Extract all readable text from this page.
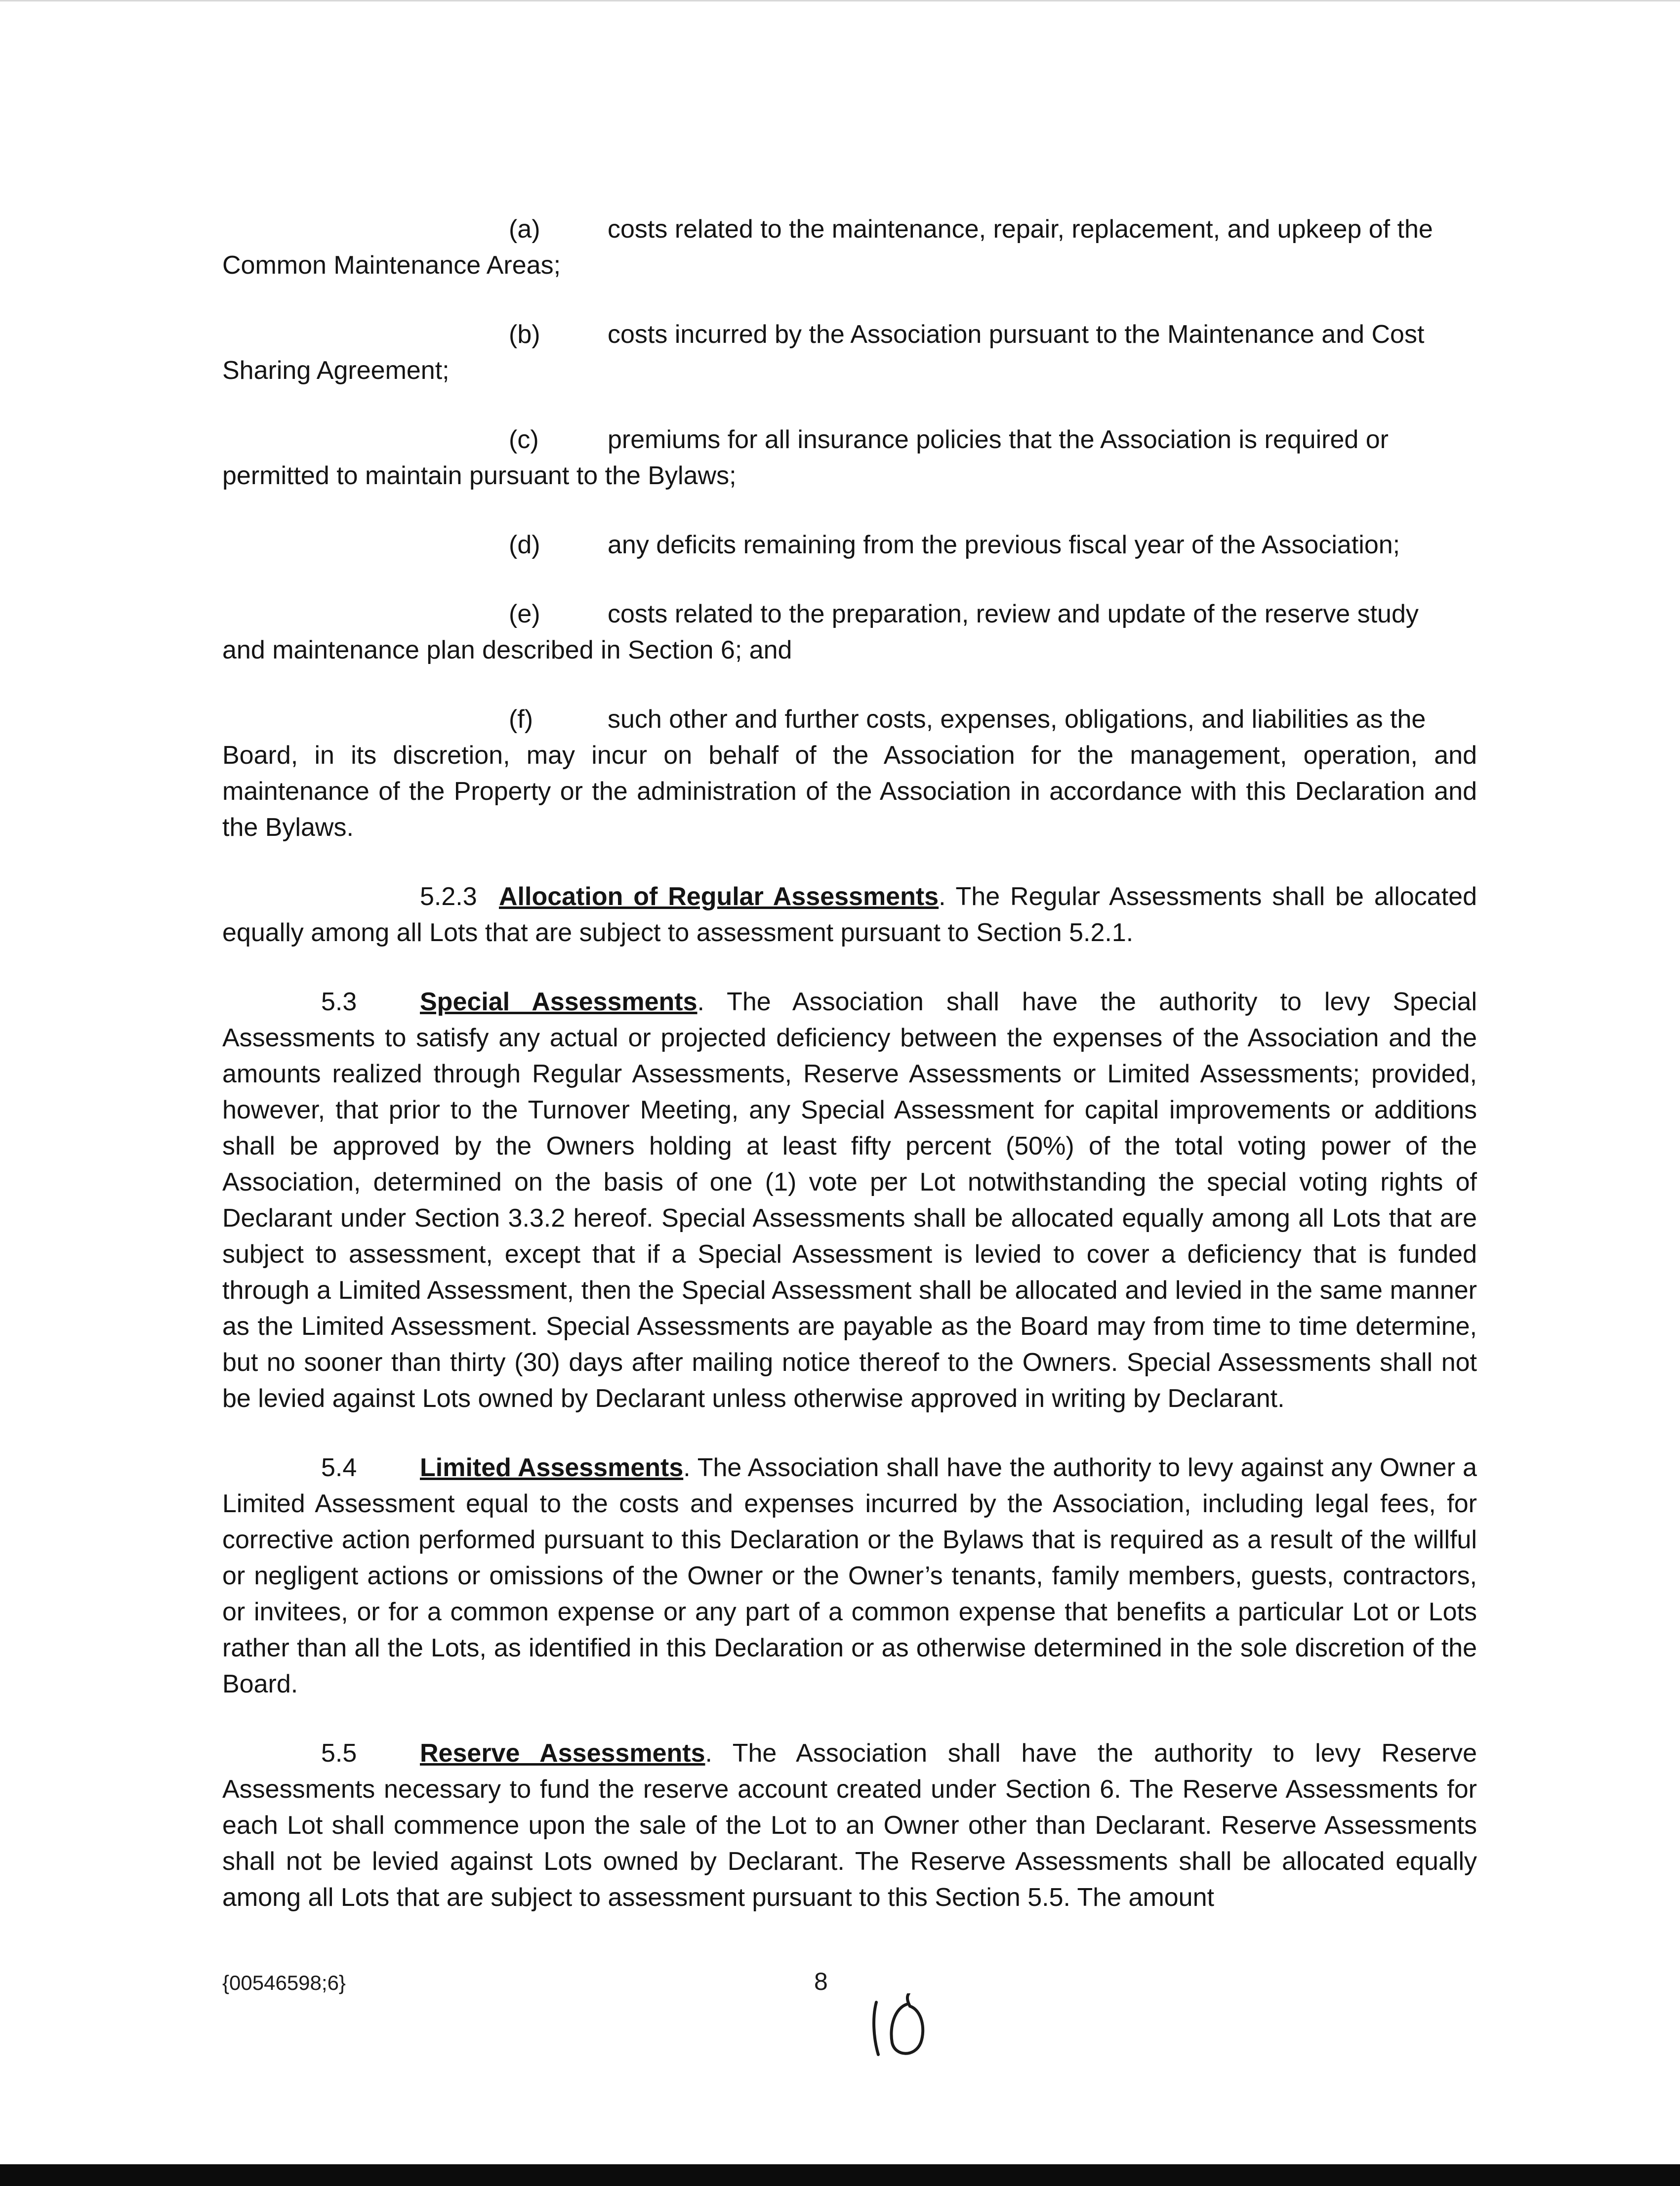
(a)	costs related to the maintenance, repair, replacement, and upkeep of the
Common Maintenance Areas;
(b)	costs incurred by the Association pursuant to the Maintenance and Cost
Sharing Agreement;
(c)	premiums for all insurance policies that the Association is required or
permitted to maintain pursuant to the Bylaws;
(d)	any deficits remaining from the previous fiscal year of the Association;
(e)	costs related to the preparation, review and update of the reserve study
and maintenance plan described in Section 6; and
(f)	such other and further costs, expenses, obligations, and liabilities as the
Board, in its discretion, may incur on behalf of the Association for the management, operation, and maintenance of the Property or the administration of the Association in accordance with this Declaration and the Bylaws.

5.2.3 Allocation of Regular Assessments. The Regular Assessments shall be allocated equally among all Lots that are subject to assessment pursuant to Section 5.2.1.

5.3 Special Assessments. The Association shall have the authority to levy Special Assessments to satisfy any actual or projected deficiency between the expenses of the Association and the amounts realized through Regular Assessments, Reserve Assessments or Limited Assessments; provided, however, that prior to the Turnover Meeting, any Special Assessment for capital improvements or additions shall be approved by the Owners holding at least fifty percent (50%) of the total voting power of the Association, determined on the basis of one (1) vote per Lot notwithstanding the special voting rights of Declarant under Section 3.3.2 hereof. Special Assessments shall be allocated equally among all Lots that are subject to assessment, except that if a Special Assessment is levied to cover a deficiency that is funded through a Limited Assessment, then the Special Assessment shall be allocated and levied in the same manner as the Limited Assessment. Special Assessments are payable as the Board may from time to time determine, but no sooner than thirty (30) days after mailing notice thereof to the Owners. Special Assessments shall not be levied against Lots owned by Declarant unless otherwise approved in writing by Declarant.

5.4 Limited Assessments. The Association shall have the authority to levy against any Owner a Limited Assessment equal to the costs and expenses incurred by the Association, including legal fees, for corrective action performed pursuant to this Declaration or the Bylaws that is required as a result of the willful or negligent actions or omissions of the Owner or the Owner’s tenants, family members, guests, contractors, or invitees, or for a common expense or any part of a common expense that benefits a particular Lot or Lots rather than all the Lots, as identified in this Declaration or as otherwise determined in the sole discretion of the Board.

5.5 Reserve Assessments. The Association shall have the authority to levy Reserve Assessments necessary to fund the reserve account created under Section 6. The Reserve Assessments for each Lot shall commence upon the sale of the Lot to an Owner other than Declarant. Reserve Assessments shall not be levied against Lots owned by Declarant. The Reserve Assessments shall be allocated equally among all Lots that are subject to assessment pursuant to this Section 5.5. The amount

{00546598;6}	8
